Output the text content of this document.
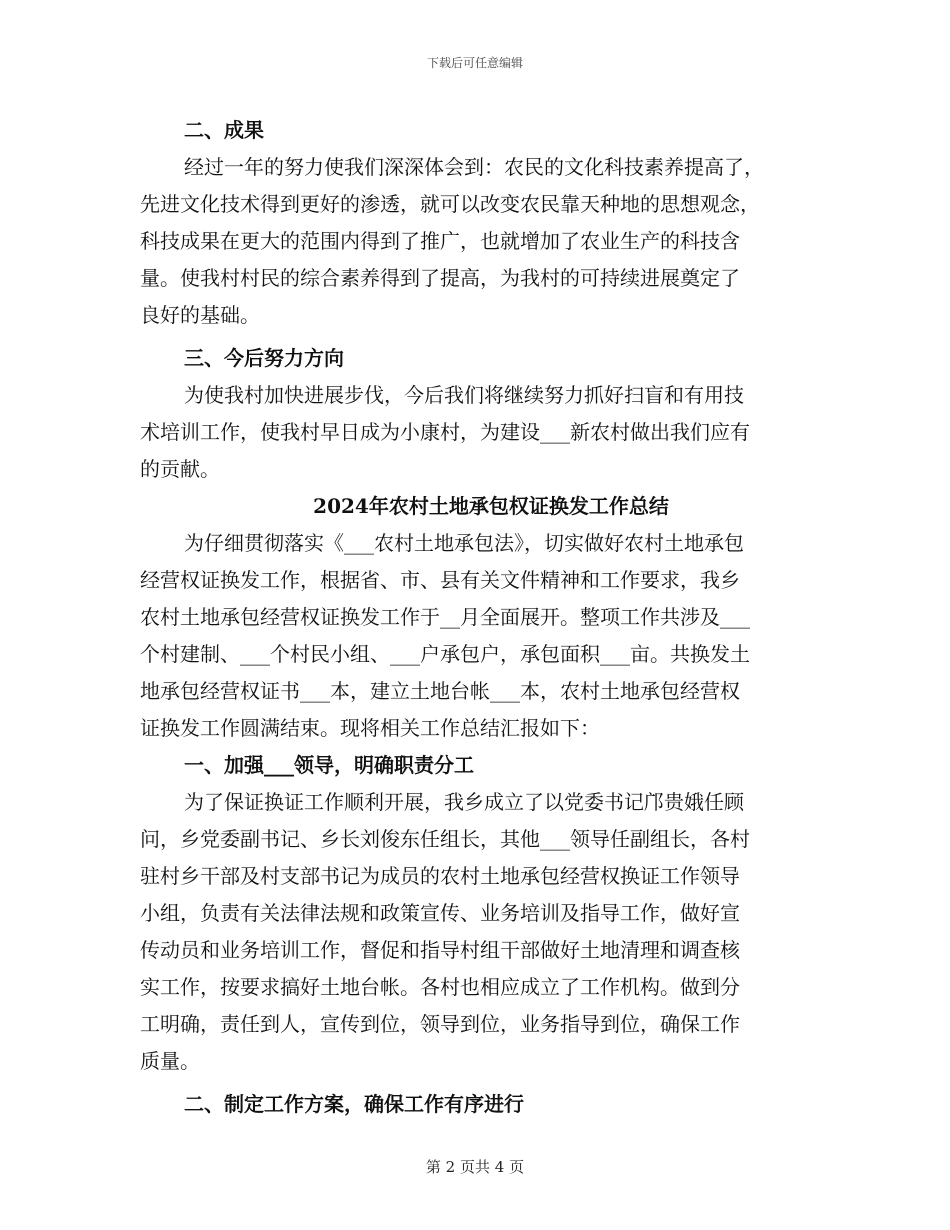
下载后可任意编辑
二、成果
经过一年的努力使我们深深体会到：农民的文化科技素养提高了，
先进文化技术得到更好的渗透，就可以改变农民靠天种地的思想观念，
科技成果在更大的范围内得到了推广，也就增加了农业生产的科技含
量。使我村村民的综合素养得到了提高，为我村的可持续进展奠定了
良好的基础。
三、今后努力方向
为使我村加快进展步伐，今后我们将继续努力抓好扫盲和有用技
术培训工作，使我村早日成为小康村，为建设___新农村做出我们应有
的贡献。
2024年农村土地承包权证换发工作总结
为仔细贯彻落实《___农村土地承包法》，切实做好农村土地承包
经营权证换发工作，根据省、市、县有关文件精神和工作要求，我乡
农村土地承包经营权证换发工作于__月全面展开。整项工作共涉及___
个村建制、___个村民小组、___户承包户，承包面积___亩。共换发土
地承包经营权证书___本，建立土地台帐___本，农村土地承包经营权
证换发工作圆满结束。现将相关工作总结汇报如下：
一、加强___领导，明确职责分工
为了保证换证工作顺利开展，我乡成立了以党委书记邝贵娥任顾
问，乡党委副书记、乡长刘俊东任组长，其他___领导任副组长，各村
驻村乡干部及村支部书记为成员的农村土地承包经营权换证工作领导
小组，负责有关法律法规和政策宣传、业务培训及指导工作，做好宣
传动员和业务培训工作，督促和指导村组干部做好土地清理和调查核
实工作，按要求搞好土地台帐。各村也相应成立了工作机构。做到分
工明确，责任到人，宣传到位，领导到位，业务指导到位，确保工作
质量。
二、制定工作方案，确保工作有序进行
第 2 页共 4 页
